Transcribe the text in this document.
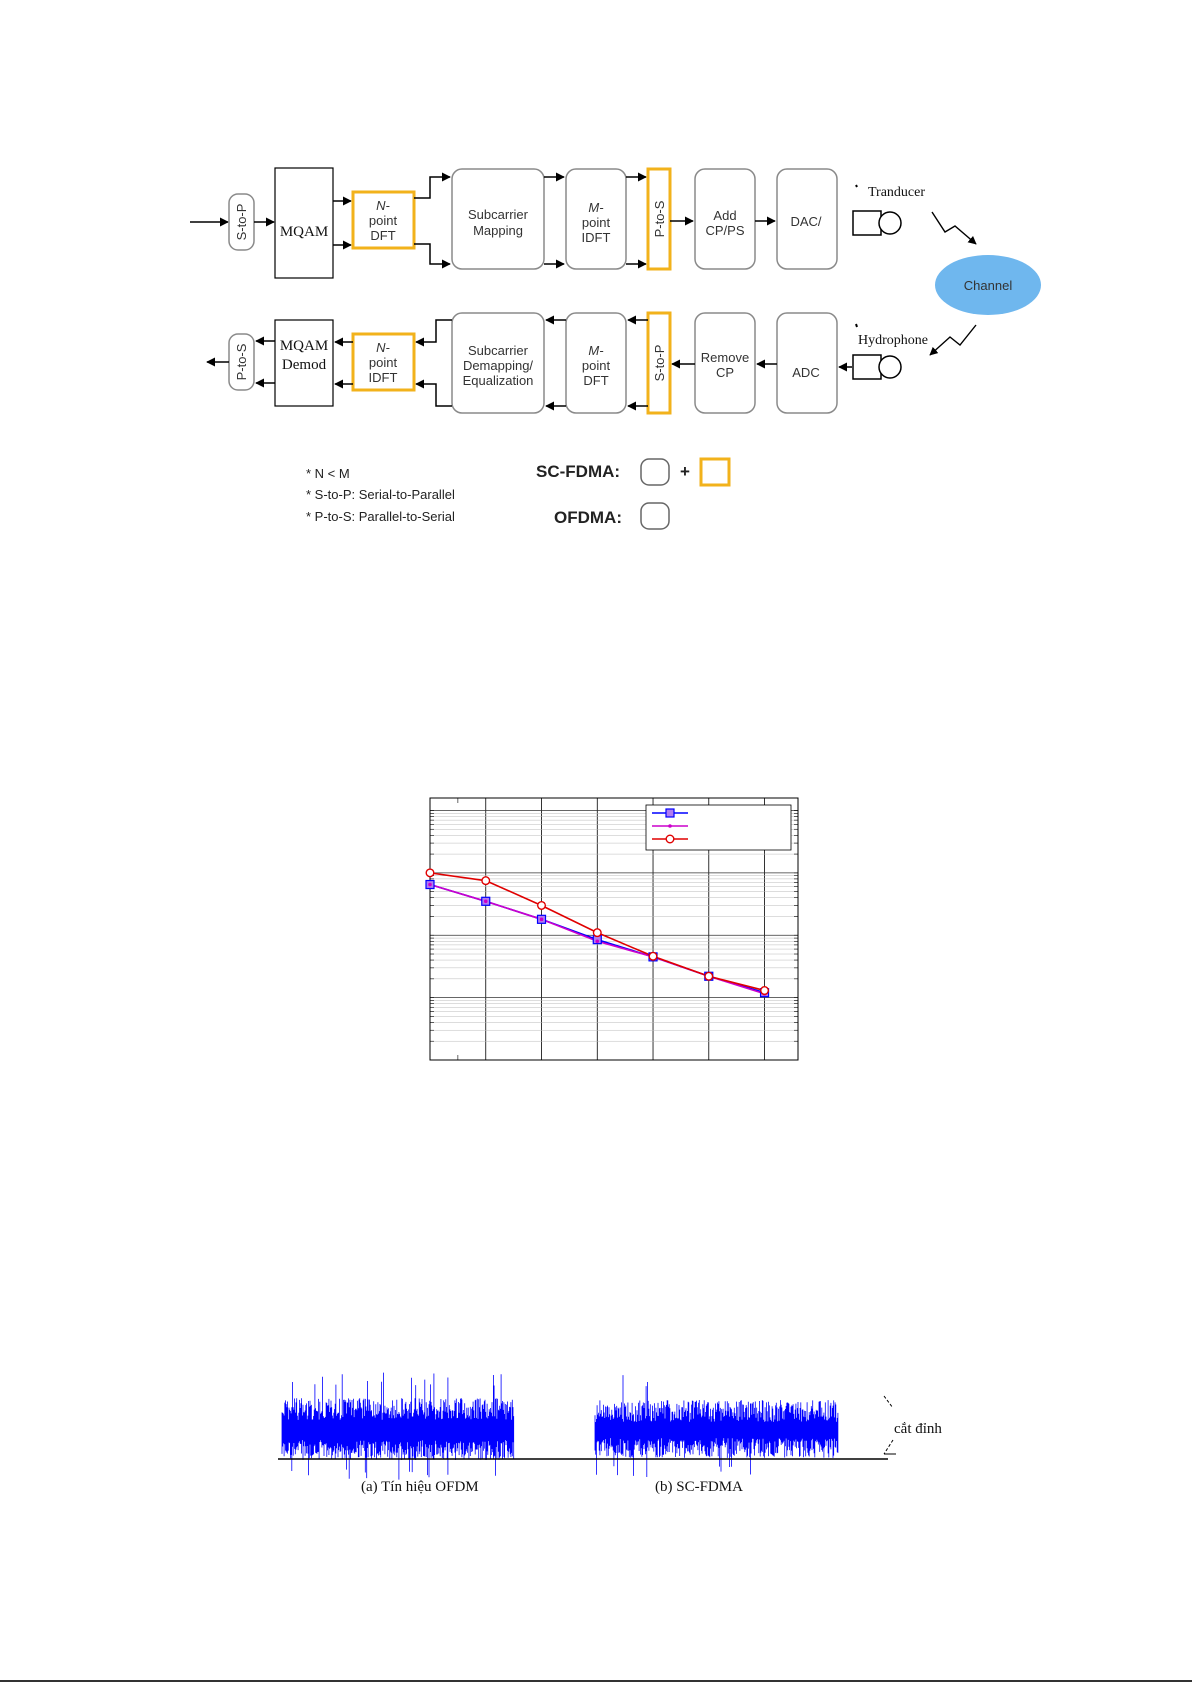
S-to-P MQAM
N-
point
DFT
Subcarrier
Mapping
M-
point
IDFT
P-to-S	Add
CP/PS
DAC/
Tranducer
Channel
Hydrophone
ADC
Remove
CP
S-to-P
M-
point
DFT
Subcarrier
Demapping/
Equalization
N-
point
IDFT
MQAM
Demod
P-to-S
* N < M
* S-to-P: Serial-to-Parallel
* P-to-S: Parallel-to-Serial
SC-FDMA:	+
OFDMA:
cắt đỉnh
(a) Tín hiệu OFDM	(b) SC-FDMA
